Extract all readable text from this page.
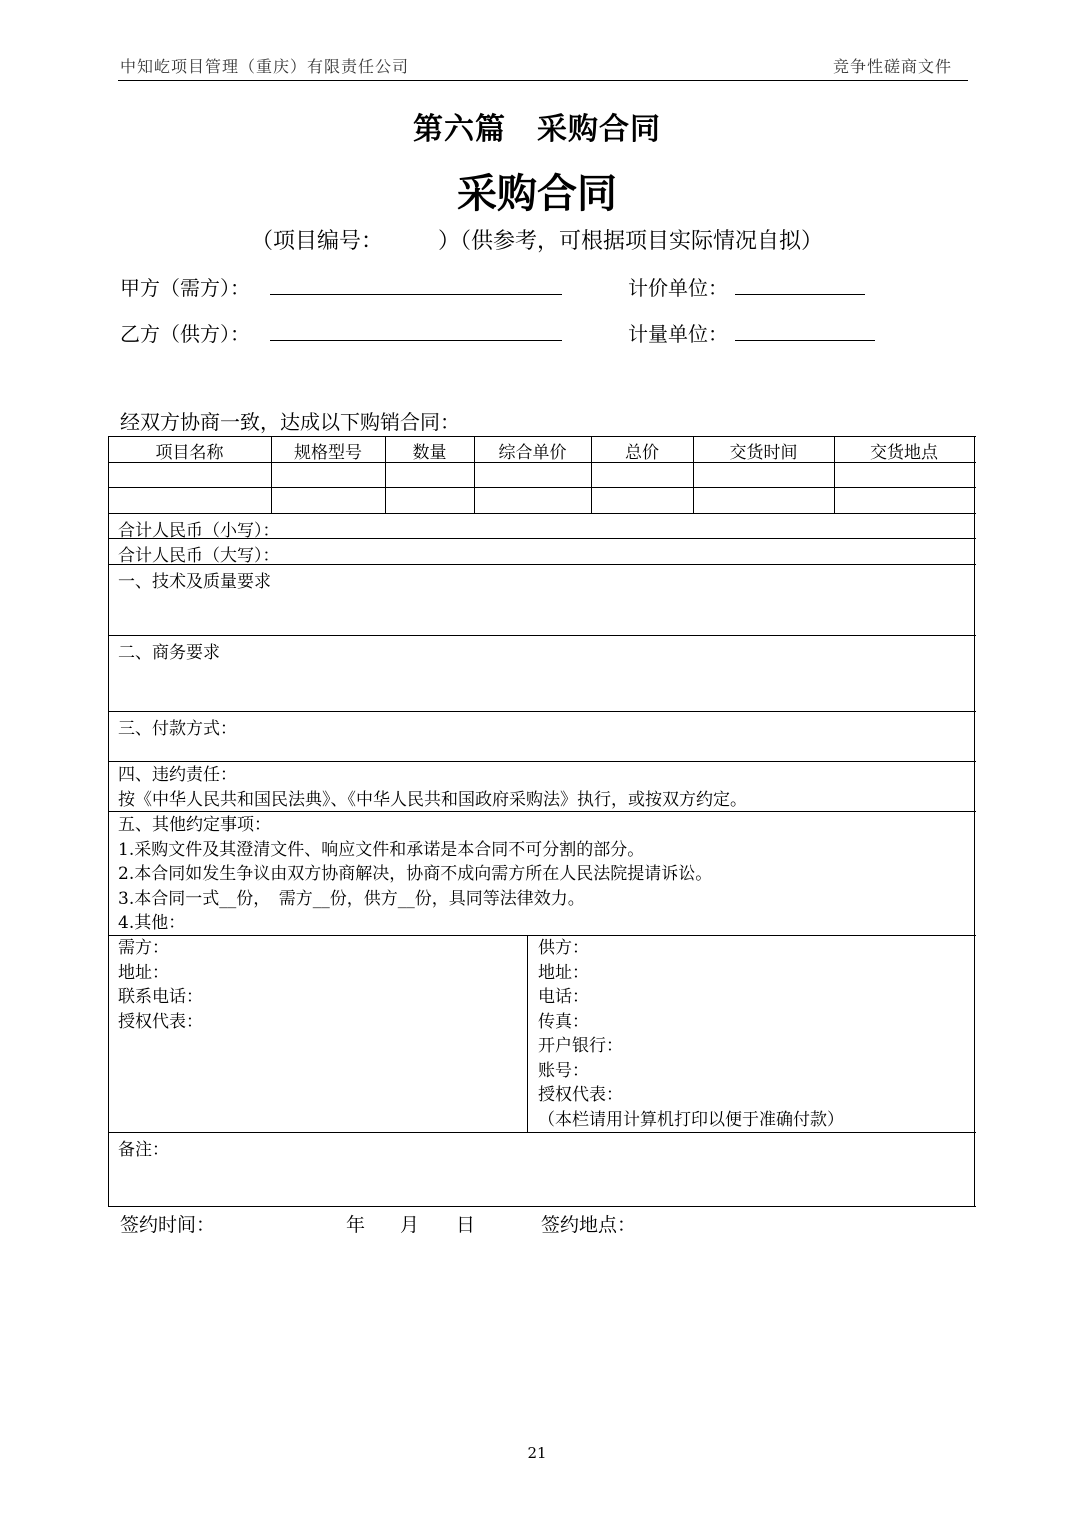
中知屹项目管理（重庆）有限责任公司	竞争性磋商文件
第六篇　采购合同
采购合同
（项目编号：　　　）（供参考，可根据项目实际情况自拟）
甲方（需方）：	计价单位：
乙方（供方）：	计量单位：
经双方协商一致，达成以下购销合同：
项目名称	规格型号	数量	综合单价	总价	交货时间	交货地点
合计人民币（小写）：
合计人民币（大写）：
一、技术及质量要求
二、商务要求
三、付款方式：
四、违约责任：
按《中华人民共和国民法典》、《中华人民共和国政府采购法》执行，或按双方约定。
五、其他约定事项：
1.采购文件及其澄清文件、响应文件和承诺是本合同不可分割的部分。
2.本合同如发生争议由双方协商解决，协商不成向需方所在人民法院提请诉讼。
3.本合同一式__份，　需方__份，供方__份，具同等法律效力。
4.其他：
需方：
地址：
联系电话：
授权代表：
供方：
地址：
电话：
传真：
开户银行：
账号：
授权代表：
（本栏请用计算机打印以便于准确付款）
备注：
签约时间：	年 月 日	签约地点：
21
